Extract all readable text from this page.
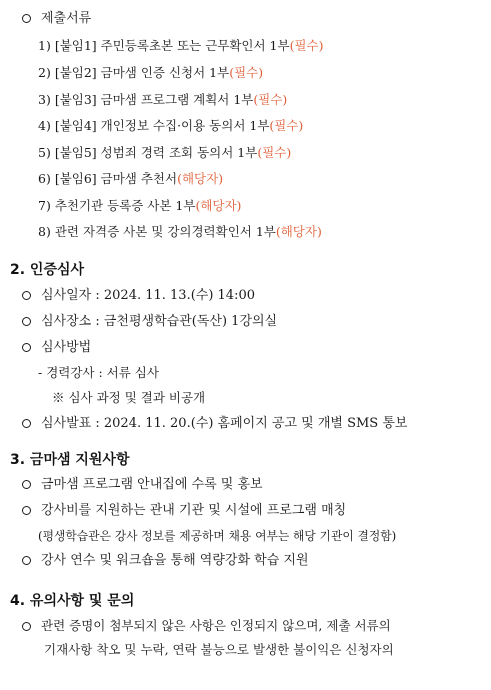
제출서류
1) [붙임1] 주민등록초본 또는 근무확인서 1부(필수)
2) [붙임2] 금마샘 인증 신청서 1부(필수)
3) [붙임3] 금마샘 프로그램 계획서 1부(필수)
4) [붙임4] 개인정보 수집·이용 동의서 1부(필수)
5) [붙임5] 성범죄 경력 조회 동의서 1부(필수)
6) [붙임6] 금마샘 추천서(해당자)
7) 추천기관 등록증 사본 1부(해당자)
8) 관련 자격증 사본 및 강의경력확인서 1부(해당자)
2. 인증심사
심사일자 : 2024. 11. 13.(수) 14:00
심사장소 : 금천평생학습관(독산) 1강의실
심사방법
- 경력강사 : 서류 심사
※ 심사 과정 및 결과 비공개
심사발표 : 2024. 11. 20.(수) 홈페이지 공고 및 개별 SMS 통보
3. 금마샘 지원사항
금마샘 프로그램 안내집에 수록 및 홍보
강사비를 지원하는 관내 기관 및 시설에 프로그램 매칭
(평생학습관은 강사 정보를 제공하며 채용 여부는 해당 기관이 결정함)
강사 연수 및 워크숍을 통해 역량강화 학습 지원
4. 유의사항 및 문의
관련 증명이 첨부되지 않은 사항은 인정되지 않으며, 제출 서류의
기재사항 착오 및 누락, 연락 불능으로 발생한 불이익은 신청자의
